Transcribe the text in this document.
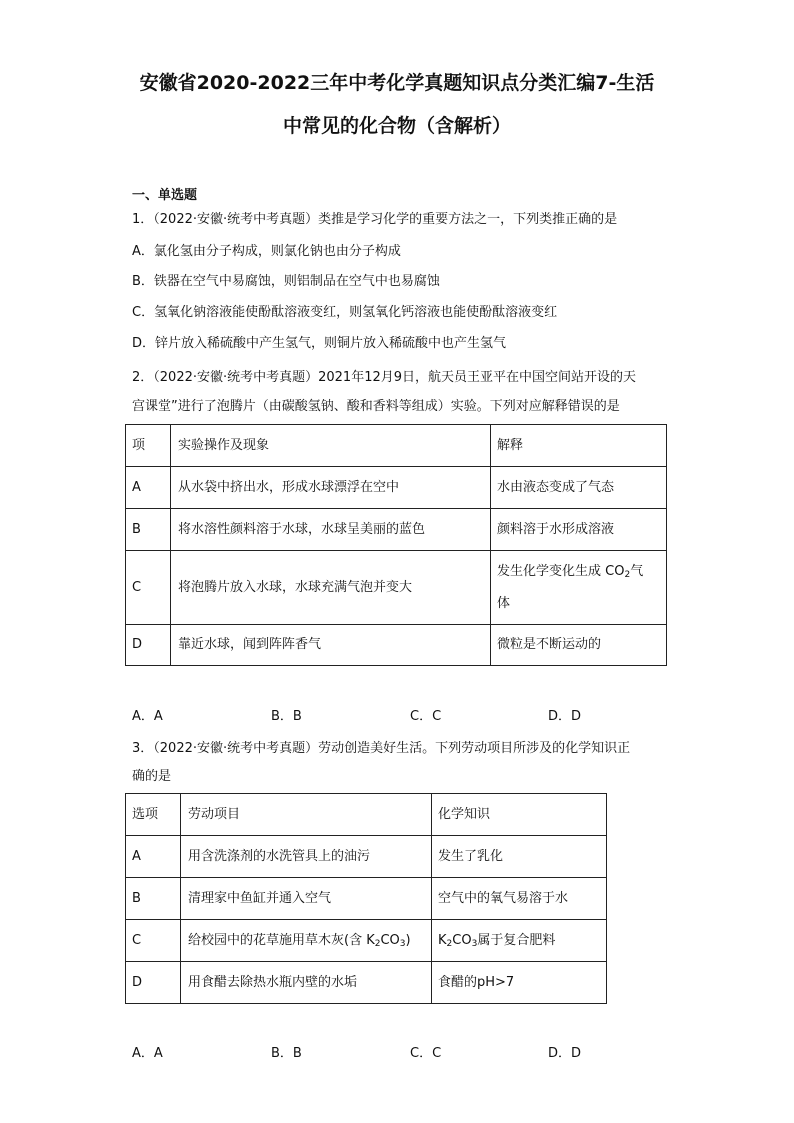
安徽省2020-2022三年中考化学真题知识点分类汇编7-生活
中常见的化合物（含解析）

一、单选题

1．（2022·安徽·统考中考真题）类推是学习化学的重要方法之一，下列类推正确的是

A．氯化氢由分子构成，则氯化钠也由分子构成

B．铁器在空气中易腐蚀，则铝制品在空气中也易腐蚀

C．氢氧化钠溶液能使酚酞溶液变红，则氢氧化钙溶液也能使酚酞溶液变红

D．锌片放入稀硫酸中产生氢气，则铜片放入稀硫酸中也产生氢气

2．（2022·安徽·统考中考真题）2021年12月9日，航天员王亚平在中国空间站开设的天

宫课堂”进行了泡腾片（由碳酸氢钠、酸和香料等组成）实验。下列对应解释错误的是

项	实验操作及现象	解释
A	从水袋中挤出水，形成水球漂浮在空中	水由液态变成了气态
B	将水溶性颜料溶于水球，水球呈美丽的蓝色	颜料溶于水形成溶液
C	将泡腾片放入水球，水球充满气泡并变大	发生化学变化生成 $CO_2$气
体

D	靠近水球，闻到阵阵香气	微粒是不断运动的
A．A	B．B	C．C	D．D

3．（2022·安徽·统考中考真题）劳动创造美好生活。下列劳动项目所涉及的化学知识正

确的是

选项	劳动项目	化学知识
A	用含洗涤剂的水洗管具上的油污	发生了乳化
B	清理家中鱼缸并通入空气	空气中的氧气易溶于水
C	给校园中的花草施用草木灰(含 $K_2CO_3$)	$K_2CO_3$属于复合肥料
D	用食醋去除热水瓶内壁的水垢	食醋的pH>7
A．A	B．B	C．C	D．D
